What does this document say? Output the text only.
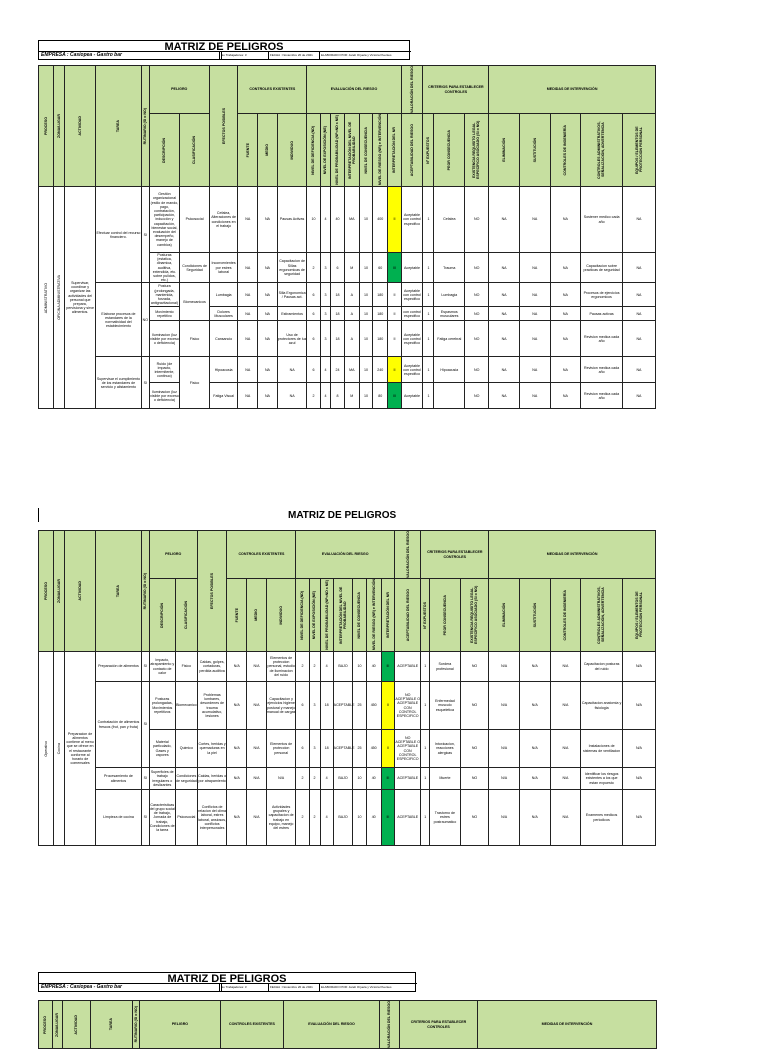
MATRIZ DE PELIGROS
EMPRESA : Casiopea - Gastro bar	No Trabajadores: 3	FECHA : Noviembre 20 de 2021	ELABORADO POR: Jarelt Orjuela y Victoria Puentes
PROCESO	ZONA/LUGAR	ACTIVIDAD	TAREA	RUTINARIO (SI o NO)	PELIGRO		EFECTOS POSIBLES	CONTROLES EXISTENTES			EVALUACIÓN DEL RIESGO							VALORACIÓN DEL RIESGO	CRITERIOS PARA ESTABLECER CONTROLES			MEDIDAS DE INTERVENCIÓN				

					DESCRIPCIÓN	CLASIFICACIÓN		FUENTE	MEDIO	INDIVIDUO	NIVEL DE DEFICIENCIA (ND)	NIVEL DE EXPOSICIÓN (NE)	NIVEL DE PROBABILIDAD (NP=ND x NE)	INTERPRETACIÓN DEL NIVEL DE PROBABILIDAD	NIVEL DE CONSECUENCIA	NIVEL DE RIESGO (NR) e INTERVENCIÓN	INTERPRETACIÓN DEL NR	ACEPTABILIDAD DEL RIESGO	Nº EXPUESTOS	PEOR CONSECUENCIA	EXISTENCIA REQUISITO LEGAL ESPECÍFICO ASOCIADO (SI o NO)	ELIMINACIÓN	SUSTITUCIÓN	CONTROLES DE INGENIERÍA	CONTROLES ADMINISTRATIVOS, SEÑALIZACIÓN, ADVERTENCIA	EQUIPOS / ELEMENTOS DE PROTECCIÓN PERSONAL

ADMINISTRATIVO	OFICINA ADMINISTRATIVA	Supervisar, coordinar y organizar las actividades del personal que prepara, pervisiona y sirve alimentos.	Efectuar control del recurso financiero.	SI	Gestión organizacional (estilo de mando, pago, contratación, participación, inducción y capacitación, bienestar social, evaluación del desempeño, manejo de cambios)	Psicosocial	Cefalea, Alteraciones de condiciones en el trabajo	NA	NA	Pausas Activas	10	4	40	MA	10	400	II	Aceptable con control especifico	1	Cefalea	NO	NA	NA	NA	Sostener medico cada año	NA
					Posturas (estatica, dinamica, auditiva, extendida, etc. sobre pulidos, etc.)	Condiciones de Seguridad	Inconvenientes por estres laboral	NA	NA	Capacitacion de Sillas ergonomicas de seguridad	2	3	6	M	10	60	III	Aceptable	1	Trauma	NO	NA	NA	NA	Capacitacion sobre practicas de seguridad	NA
			Elaborar procesos de estandares de la normatividad del establecimiento	NO	Postura (prolongada, mantenida, forzada, antigravitacional)	Biomecanicos	Lumbagia	NA	NA	Silla Ergonomica / Pausas act.	6	3	18	A	10	180	II	Aceptable con control especifico	1	Lumbagia	NO	NA	NA	NA	Procesos de ejercicios ergonomicos	NA
					Movimiento repetitivo		Dolores Musculares	NA	NA	Estiramientos	6	3	18	A	10	180	II	con control especifico	1	Espasmos musculares	NO	NA	NA	NA	Pausas activas	NA
					Iluminacion (luz visible por exceso o deficiencia)	Fisico	Cansancio	NA	NA	Uso de protectores de luz azul	6	3	18	A	10	180	II	Aceptable con control especifico	1	Fatiga cerebral	NO	NA	NA	NA	Revision medica cada año	NA
			Supervisar el cumplimiento de los estandares de servicio y alistamiento	SI	Ruido (de impacto, intermitente, continuo)	Fisico	Hipoacusia	NA	NA	NA	6	4	24	MA	10	240	II	Aceptable con control especifico	1	Hipoacusia	NO	NA	NA	NA	Revision medica cada año	NA
					Iluminacion (luz visible por exceso o deficiencia)		Fatiga Visual	NA	NA	NA	2	4	8	M	10	80	III	Aceptable	1		NO	NA	NA	NA	Revision medica cada año	NA
MATRIZ DE PELIGROS
PROCESO	ZONA/LUGAR	ACTIVIDAD	TAREA	RUTINARIO (SI o NO)	PELIGRO		EFECTOS POSIBLES	CONTROLES EXISTENTES			EVALUACIÓN DEL RIESGO							VALORACIÓN DEL RIESGO	CRITERIOS PARA ESTABLECER CONTROLES			MEDIDAS DE INTERVENCIÓN				

					DESCRIPCIÓN	CLASIFICACIÓN		FUENTE	MEDIO	INDIVIDUO	NIVEL DE DEFICIENCIA (ND)	NIVEL DE EXPOSICIÓN (NE)	NIVEL DE PROBABILIDAD (NP=ND x NE)	INTERPRETACIÓN DEL NIVEL DE PROBABILIDAD	NIVEL DE CONSECUENCIA	NIVEL DE RIESGO (NR) e INTERVENCIÓN	INTERPRETACIÓN DEL NR	ACEPTABILIDAD DEL RIESGO	Nº EXPUESTOS	PEOR CONSECUENCIA	EXISTENCIA REQUISITO LEGAL ESPECÍFICO ASOCIADO (SI o NO)	ELIMINACIÓN	SUSTITUCIÓN	CONTROLES DE INGENIERÍA	CONTROLES ADMINISTRATIVOS, SEÑALIZACIÓN, ADVERTENCIA	EQUIPOS / ELEMENTOS DE PROTECCIÓN PERSONAL

Operativo	Cocina	Preparacion de alimentos contiene al menu que se ofrece en el restaurante conforme al horario de comensales	Preparación de alimentos	SI	Impacto, atrapamiento y contacto de calor	Fisico	Caidas, golpes, cortaduras, perdida auditiva	N/A	N/A	Elementos de proteccion personal, estudio de iluminacion del ruido	2	2	4	BAJO	10	40	III	ACEPTABLE	1	Sordera profesional	NO	N/A	N/A	N/A	Capacitacion posturas del ruido	N/A
			Contratación de alimentos frescos (frut, pan y fruta)	SI	Posturas prolongadas, Movimientos repetitivos	Biomecanico	Problemas lumbares, desordenes de trauma acumulativo, lesiones	N/A	N/A	Capacitacion y ejercicios higiene postural y manejo manual de cargas	6	3	18	ACEPTABLE	25	450	II	NO ACEPTABLE O ACEPTABLE CON CONTROL ESPECIFICO	1	Enfermedad musculo esqueletica	NO	N/A	N/A	N/A	Capacitacion anatomia y fisiologia	N/A
					Material particulado, Gases y vapores	Quimico	Cortes, heridas y quemaduras en la piel	N/A	N/A	Elementos de proteccion personal	6	3	18	ACEPTABLE	25	450	II	NO ACEPTABLE O ACEPTABLE CON CONTROL ESPECIFICO	1	Intoxicacion, reacciones alergicas	NO	N/A	N/A	N/A	Instalaciones de sistemas de ventilacion	N/A
			Procesamiento de alimentos	SI	Superficies de trabajo irregulares o deslizantes	Condiciones de seguridad	Caidas, heridas o por atrapamiento	N/A	N/A	N/A	2	2	4	BAJO	10	40	III	ACEPTABLE	1	Muerte	NO	N/A	N/A	N/A	Identificar los riesgos existentes a los que estan expuesto	N/A
			Limpieza de cocina	SI	Caracteristicas del grupo social de trabajo, Jornada de trabajo, Condiciones de la tarea	Psicosocial	Conflictos de relacion del clima laboral, estres laboral, ansiosos, conflictos interpersonales	N/A	N/A	Actividades grupales y capacitacion de trabajo en equipo, manejo del estres	2	2	4	BAJO	10	40	III	ACEPTABLE	1	Trastorno de estres postraumatico	NO	N/A	N/A	N/A	Examenes medicos periodicos	N/A
MATRIZ DE PELIGROS
EMPRESA : Casiopea - Gastro bar	No Trabajadores: 3	FECHA : Noviembre 20 de 2021	ELABORADO POR: Jarelt Orjuela y Victoria Puentes
PROCESO	ZONA/LUGAR	ACTIVIDAD	TAREA	RUTINARIO (SI o NO)	PELIGRO	CONTROLES EXISTENTES	EVALUACIÓN DEL RIESGO	VALORACIÓN DEL RIESGO	CRITERIOS PARA ESTABLECER CONTROLES	MEDIDAS DE INTERVENCIÓN
